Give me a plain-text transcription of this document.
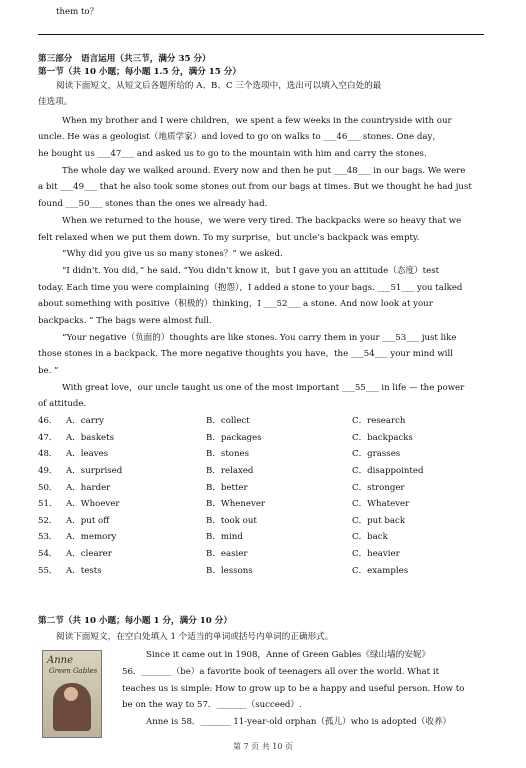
them to？
第三部分　语言运用（共三节，满分 35 分）
第一节（共 10 小题；每小题 1.5 分，满分 15 分）
阅读下面短文，从短文后各题所给的 A、B、C 三个选项中，选出可以填入空白处的最
佳选项。
When my brother and I were children，we spent a few weeks in the countryside with our
uncle. He was a geologist（地质学家）and loved to go on walks to ___46___ stones. One day，
he bought us ___47___ and asked us to go to the mountain with him and carry the stones.
The whole day we walked around. Every now and then he put ___48___ in our bags. We were
a bit ___49___ that he also took some stones out from our bags at times. But we thought he had just
found ___50___ stones than the ones we already had.
When we returned to the house，we were very tired. The backpacks were so heavy that we
felt relaxed when we put them down. To my surprise，but uncle’s backpack was empty.
“Why did you give us so many stones？” we asked.
“I didn’t. You did，” he said. “You didn’t know it，but I gave you an attitude（态度）test
today. Each time you were complaining（抱怨），I added a stone to your bags. ___51___ you talked
about something with positive（积极的）thinking，I ___52___ a stone. And now look at your
backpacks. ” The bags were almost full.
“Your negative（负面的）thoughts are like stones. You carry them in your ___53___ just like
those stones in a backpack. The more negative thoughts you have，the ___54___ your mind will
be. ”
With great love，our uncle taught us one of the most important ___55___ in life — the power
of attitude.
46． A．carry	B．collect	C．research
47． A．baskets	B．packages	C．backpacks
48． A．leaves	B．stones	C．grasses
49． A．surprised	B．relaxed	C．disappointed
50． A．harder	B．better	C．stronger
51． A．Whoever	B．Whenever	C．Whatever
52． A．put off	B．took out	C．put back
53． A．memory	B．mind	C．back
54． A．clearer	B．easier	C．heavier
55． A．tests	B．lessons	C．examples
第二节（共 10 小题；每小题 1 分，满分 10 分）
阅读下面短文，在空白处填入 1 个适当的单词或括号内单词的正确形式。
Anne
Green Gables
Since it came out in 1908，Anne of Green Gables《绿山墙的安妮》
56．_______（be）a favorite book of teenagers all over the world. What it
teaches us is simple: How to grow up to be a happy and useful person. How to
be on the way to 57．_______（succeed）.
Anne is 58．_______ 11-year-old orphan（孤儿）who is adopted（收养）
第 7 页 共 10 页
